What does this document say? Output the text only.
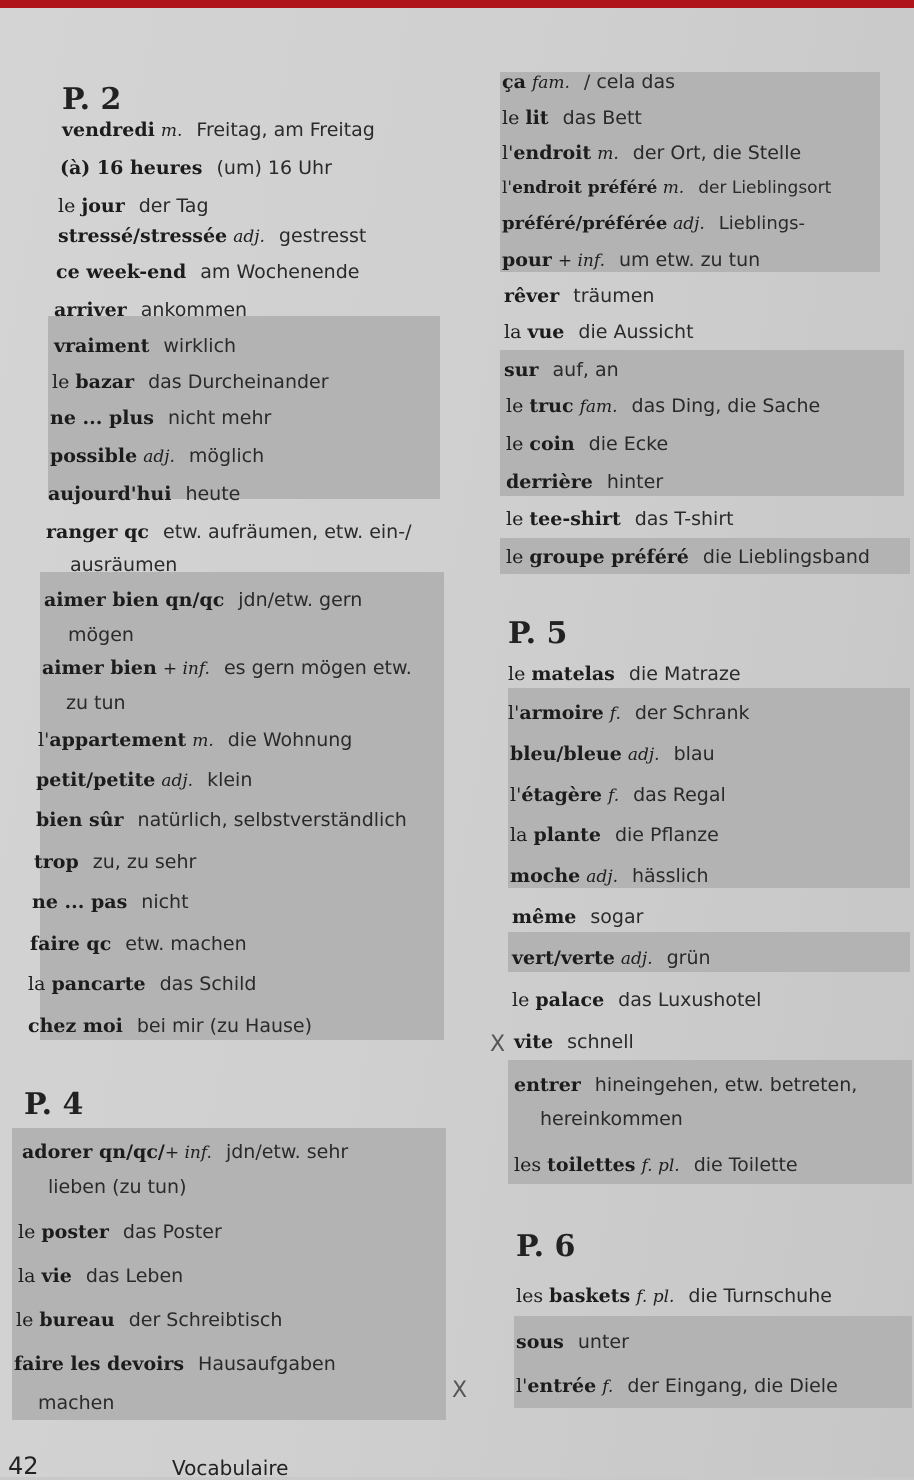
P. 2
P. 4
P. 5
P. 6
vendredi m. Freitag, am Freitag
(à) 16 heures (um) 16 Uhr
le jour der Tag
stressé/stressée adj. gestresst
ce week-end am Wochenende
arriver ankommen
vraiment wirklich
le bazar das Durcheinander
ne ... plus nicht mehr
possible adj. möglich
aujourd'hui heute
ranger qc etw. aufräumen, etw. ein-/
ausräumen
aimer bien qn/qc jdn/etw. gern
mögen
aimer bien + inf. es gern mögen etw.
zu tun
l'appartement m. die Wohnung
petit/petite adj. klein
bien sûr natürlich, selbstverständlich
trop zu, zu sehr
ne ... pas nicht
faire qc etw. machen
la pancarte das Schild
chez moi bei mir (zu Hause)
adorer qn/qc/+ inf. jdn/etw. sehr
lieben (zu tun)
le poster das Poster
la vie das Leben
le bureau der Schreibtisch
faire les devoirs Hausaufgaben
machen
ça fam. / cela das
le lit das Bett
l'endroit m. der Ort, die Stelle
l'endroit préféré m. der Lieblingsort
préféré/préférée adj. Lieblings-
pour + inf. um etw. zu tun
rêver träumen
la vue die Aussicht
sur auf, an
le truc fam. das Ding, die Sache
le coin die Ecke
derrière hinter
le tee-shirt das T-shirt
le groupe préféré die Lieblingsband
le matelas die Matraze
l'armoire f. der Schrank
bleu/bleue adj. blau
l'étagère f. das Regal
la plante die Pflanze
moche adj. hässlich
même sogar
vert/verte adj. grün
le palace das Luxushotel
X vite schnell
entrer hineingehen, etw. betreten,
hereinkommen
les toilettes f. pl. die Toilette
les baskets f. pl. die Turnschuhe
sous unter
X	l'entrée f. der Eingang, die Diele
42	Vocabulaire
